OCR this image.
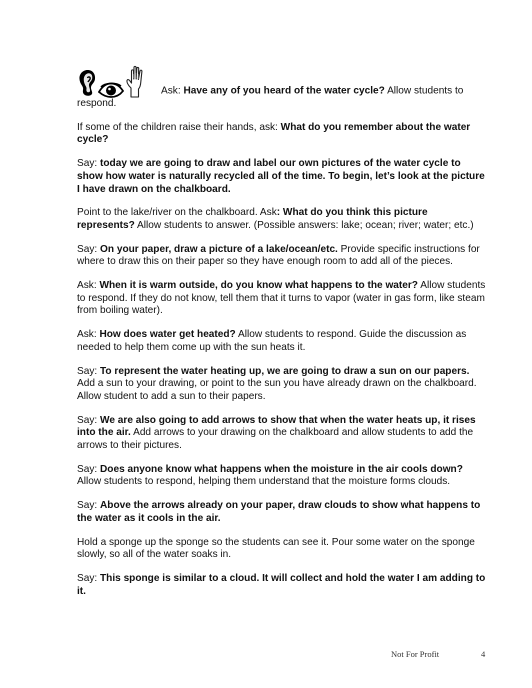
Ask: Have any of you heard of the water cycle? Allow students to respond.

If some of the children raise their hands, ask: What do you remember about the water cycle?

Say: today we are going to draw and label our own pictures of the water cycle to show how water is naturally recycled all of the time. To begin, let’s look at the picture I have drawn on the chalkboard.

Point to the lake/river on the chalkboard. Ask: What do you think this picture represents? Allow students to answer. (Possible answers: lake; ocean; river; water; etc.)

Say: On your paper, draw a picture of a lake/ocean/etc. Provide specific instructions for where to draw this on their paper so they have enough room to add all of the pieces.

Ask: When it is warm outside, do you know what happens to the water? Allow students to respond. If they do not know, tell them that it turns to vapor (water in gas form, like steam from boiling water).

Ask: How does water get heated? Allow students to respond. Guide the discussion as needed to help them come up with the sun heats it.

Say: To represent the water heating up, we are going to draw a sun on our papers. Add a sun to your drawing, or point to the sun you have already drawn on the chalkboard. Allow student to add a sun to their papers.

Say: We are also going to add arrows to show that when the water heats up, it rises into the air. Add arrows to your drawing on the chalkboard and allow students to add the arrows to their pictures.

Say: Does anyone know what happens when the moisture in the air cools down? Allow students to respond, helping them understand that the moisture forms clouds.

Say: Above the arrows already on your paper, draw clouds to show what happens to the water as it cools in the air.

Hold a sponge up the sponge so the students can see it. Pour some water on the sponge slowly, so all of the water soaks in.

Say: This sponge is similar to a cloud. It will collect and hold the water I am adding to it.

Not For Profit	4
